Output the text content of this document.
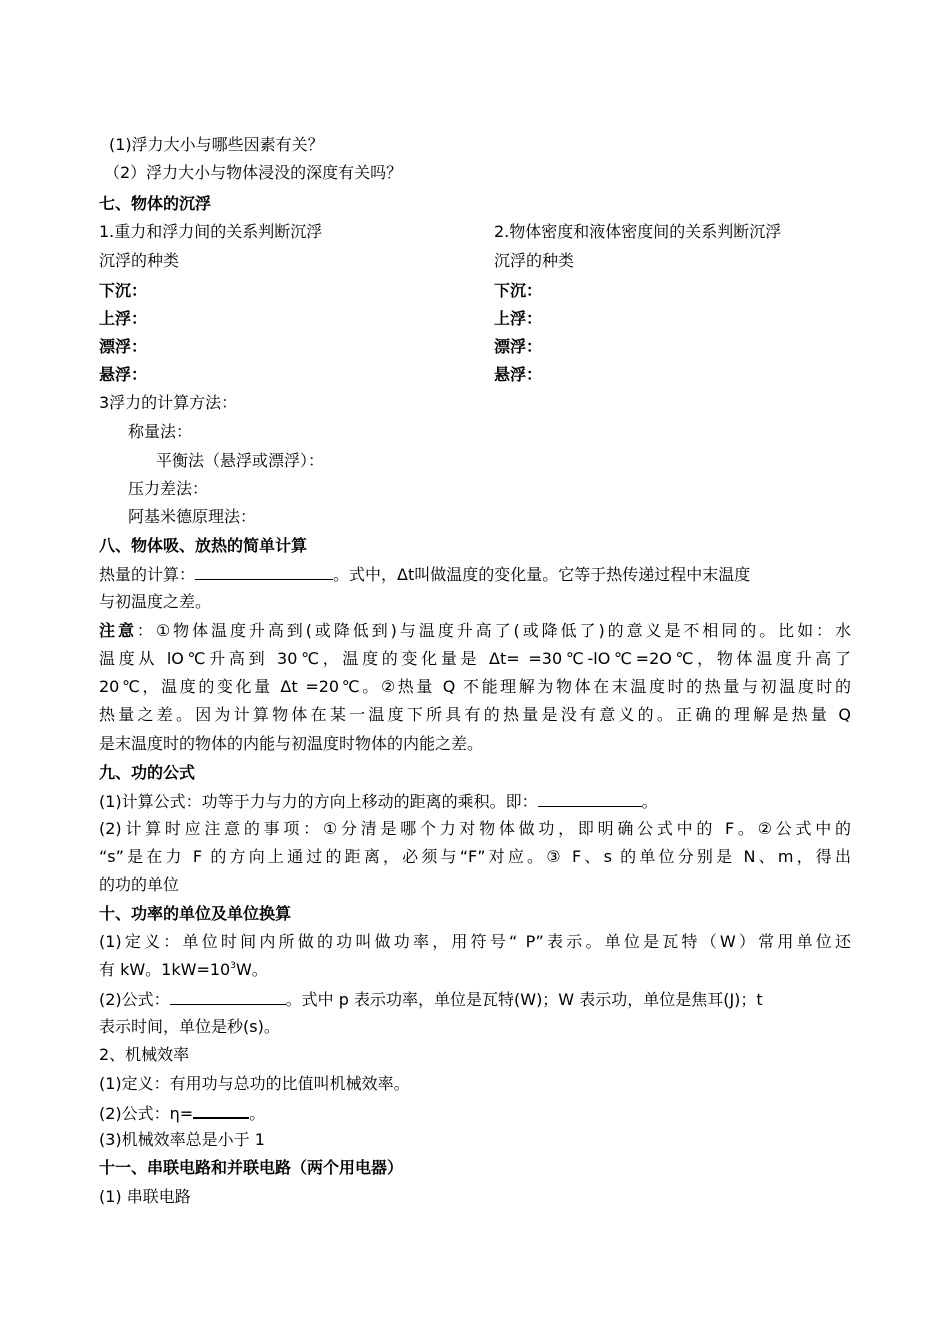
(1)浮力大小与哪些因素有关？
（2）浮力大小与物体浸没的深度有关吗？
七、物体的沉浮
1.重力和浮力间的关系判断沉浮	2.物体密度和液体密度间的关系判断沉浮
沉浮的种类	沉浮的种类
下沉：	下沉：
上浮：	上浮：
漂浮：	漂浮：
悬浮：	悬浮：
3浮力的计算方法：
称量法：
平衡法（悬浮或漂浮）：
压力差法：
阿基米德原理法：
八、物体吸、放热的简单计算
热量的计算：	。式中，Δt叫做温度的变化量。它等于热传递过程中末温度
与初温度之差。
注意：①物体温度升高到(或降低到)与温度升高了(或降低了)的意义是不相同的。比如：水
温度从 lO℃升高到 30℃，温度的变化量是 Δt= =30℃-lO℃=2O℃，物体温度升高了
20℃，温度的变化量 Δt =20℃。②热量 Q 不能理解为物体在末温度时的热量与初温度时的
热量之差。因为计算物体在某一温度下所具有的热量是没有意义的。正确的理解是热量 Q
是末温度时的物体的内能与初温度时物体的内能之差。
九、功的公式
(1)计算公式：功等于力与力的方向上移动的距离的乘积。即：	。
(2)计算时应注意的事项：①分清是哪个力对物体做功，即明确公式中的 F。②公式中的
“s”是在力 F 的方向上通过的距离，必须与“F”对应。③ F、s 的单位分别是 N、m，得出
的功的单位
十、功率的单位及单位换算
(1)定义：单位时间内所做的功叫做功率，用符号“ P”表示。单位是瓦特（W）常用单位还
有 kW。$1kW=10^3W$。
(2)公式：	。式中 p 表示功率，单位是瓦特(W)；W 表示功，单位是焦耳(J)；t
表示时间，单位是秒(s)。
2、机械效率
(1)定义：有用功与总功的比值叫机械效率。
(2)公式：η=	。
(3)机械效率总是小于 1
十一、串联电路和并联电路（两个用电器）
(1) 串联电路
